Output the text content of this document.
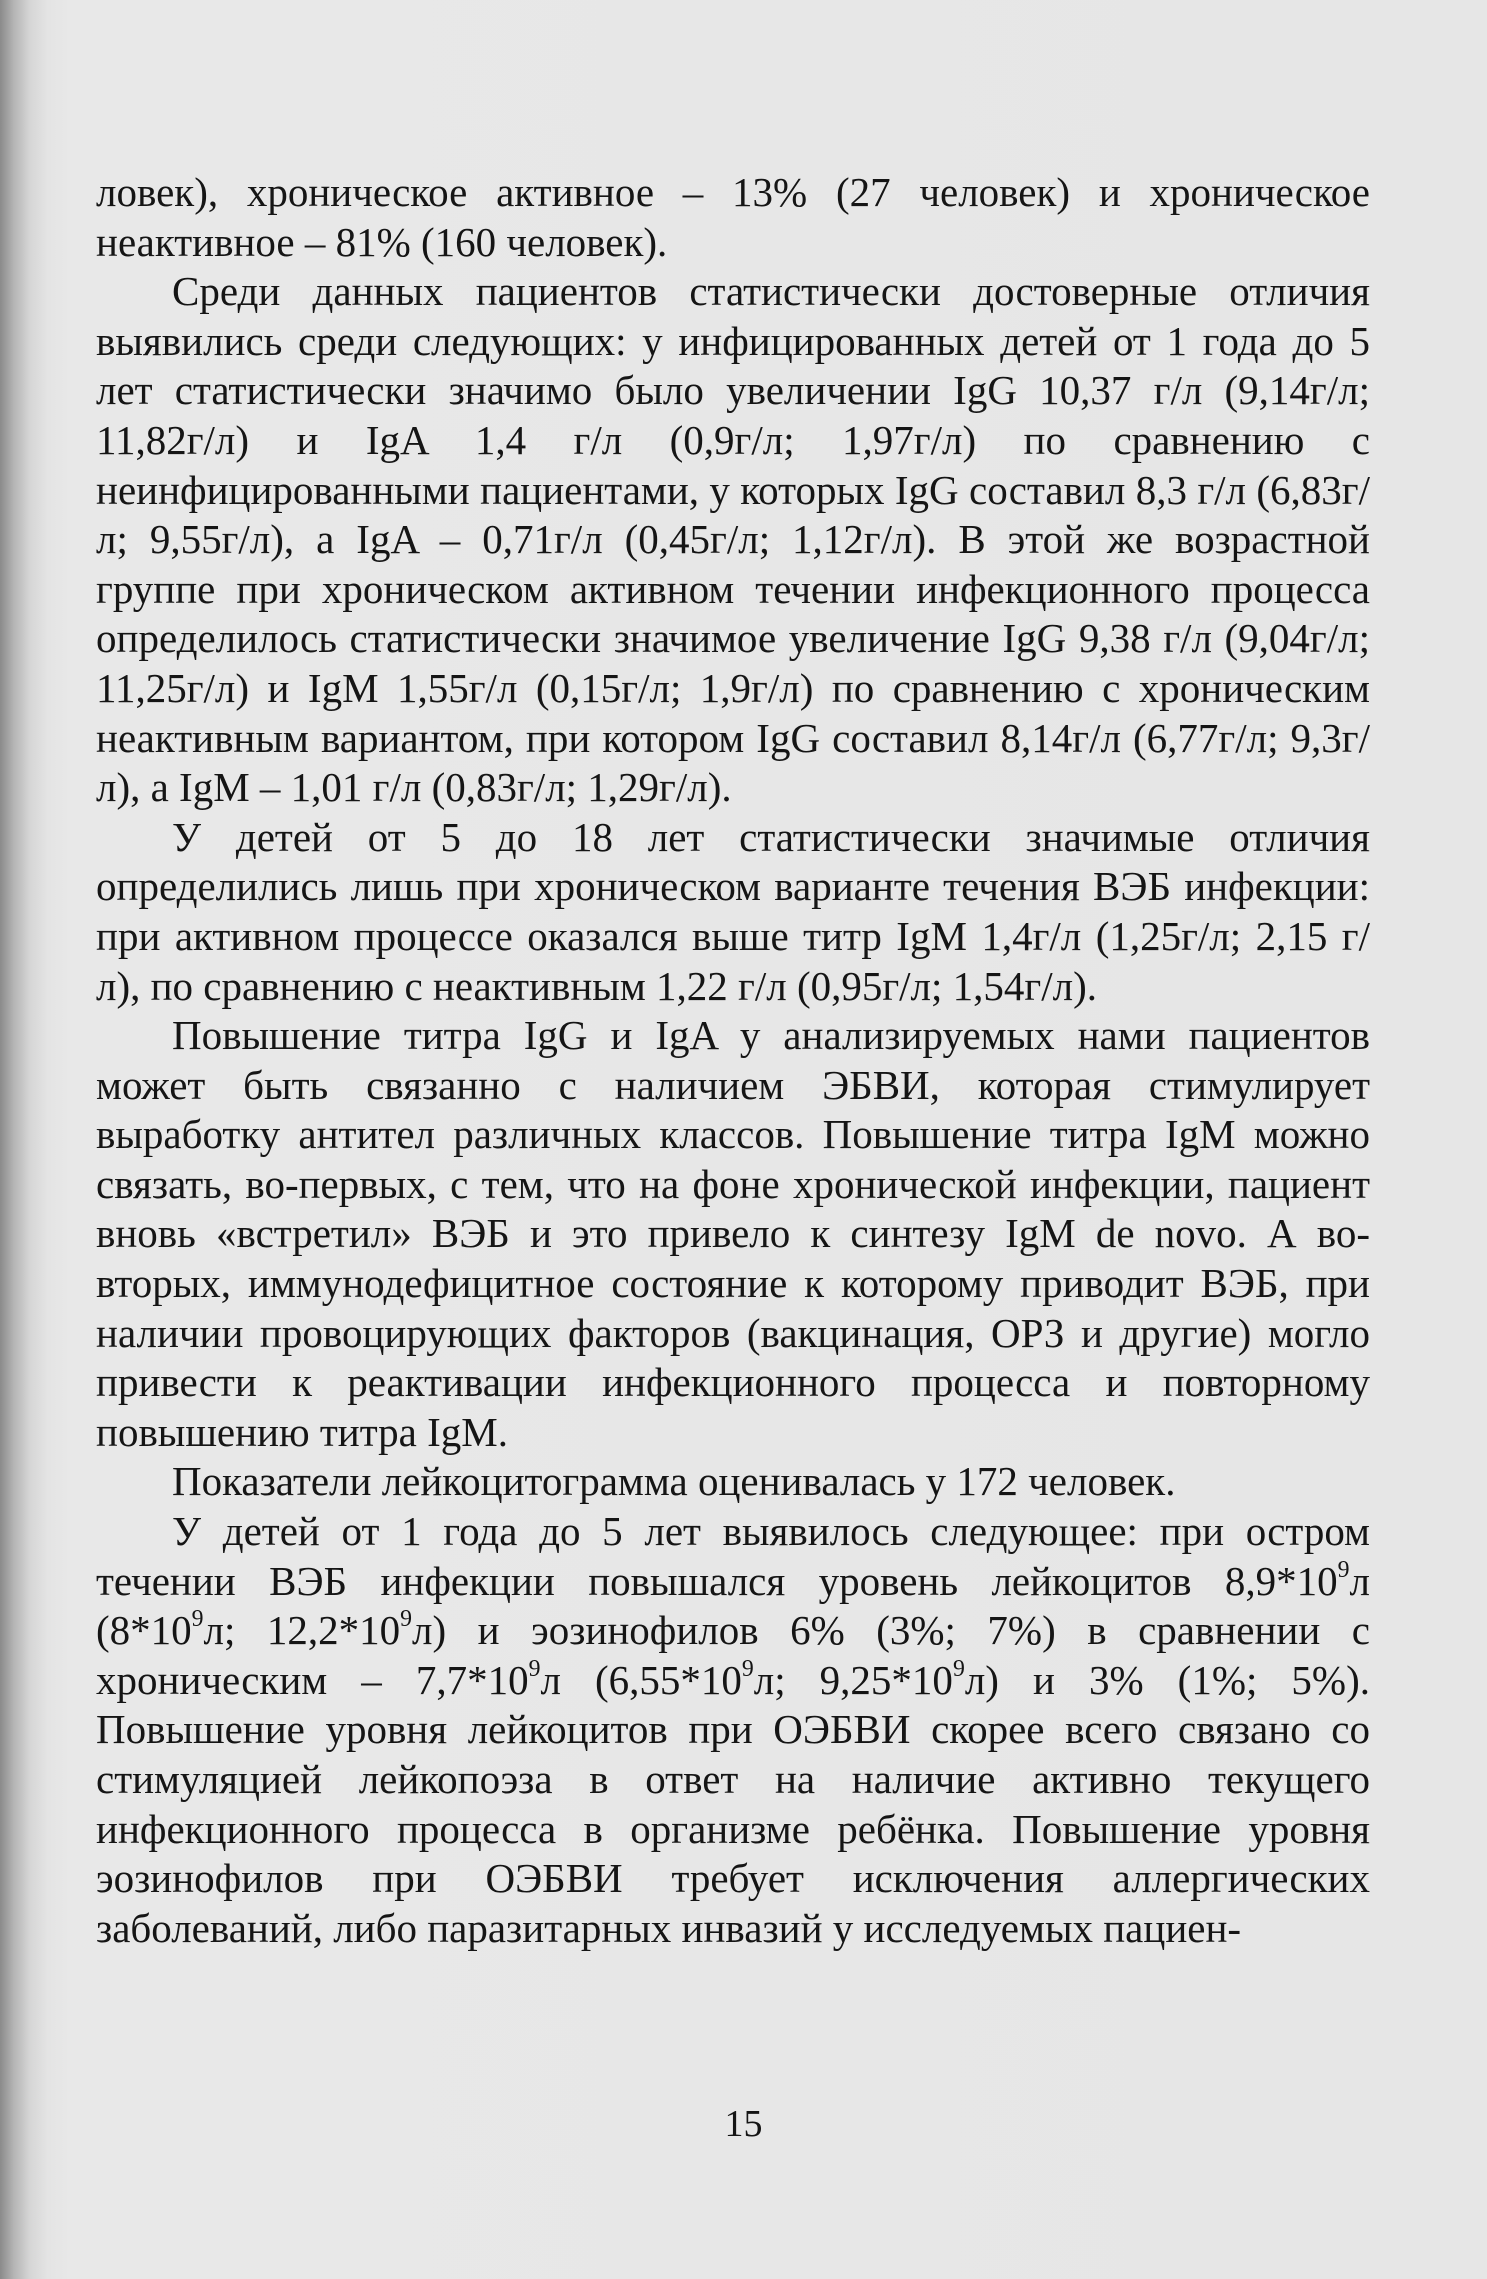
ловек), хроническое активное – 13% (27 человек) и хроническое неактивное – 81% (160 человек).

Среди данных пациентов статистически достоверные отличия выявились среди следующих: у инфицированных детей от 1 года до 5 лет статистически значимо было увеличении IgG 10,37 г/л (9,14г/л; 11,82г/л) и IgA 1,4 г/л (0,9г/л; 1,97г/л) по сравнению с неинфицированными пациентами, у которых IgG составил 8,3 г/л (6,83г/л; 9,55г/л), а IgA – 0,71г/л (0,45г/л; 1,12г/л). В этой же возрастной группе при хроническом активном течении инфекционного процесса определилось статистически значимое увеличение IgG 9,38 г/л (9,04г/л; 11,25г/л) и IgM 1,55г/л (0,15г/л; 1,9г/л) по сравнению с хроническим неактивным вариантом, при котором IgG составил 8,14г/л (6,77г/л; 9,3г/л), а IgM – 1,01 г/л (0,83г/л; 1,29г/л).

У детей от 5 до 18 лет статистически значимые отличия определились лишь при хроническом варианте течения ВЭБ инфекции: при активном процессе оказался выше титр IgM 1,4г/л (1,25г/л; 2,15 г/л), по сравнению с неактивным 1,22 г/л (0,95г/л; 1,54г/л).

Повышение титра IgG и IgA у анализируемых нами пациентов может быть связанно с наличием ЭБВИ, которая стимулирует выработку антител различных классов. Повышение титра IgM можно связать, во-первых, с тем, что на фоне хронической инфекции, пациент вновь «встретил» ВЭБ и это привело к синтезу IgM de novo. А во-вторых, иммунодефицитное состояние к которому приводит ВЭБ, при наличии провоцирующих факторов (вакцинация, ОРЗ и другие) могло привести к реактивации инфекционного процесса и повторному повышению титра IgM.

Показатели лейкоцитограмма оценивалась у 172 человек.

У детей от 1 года до 5 лет выявилось следующее: при остром течении ВЭБ инфекции повышался уровень лейкоцитов $8,9*10^9л$ ($8*10^9л$; $12,2*10^9л$) и эозинофилов 6% (3%; 7%) в сравнении с хроническим – $7,7*10^9л$ ($6,55*10^9л$; $9,25*10^9л$) и 3% (1%; 5%). Повышение уровня лейкоцитов при ОЭБВИ скорее всего связано со стимуляцией лейкопоэза в ответ на наличие активно текущего инфекционного процесса в организме ребёнка. Повышение уровня эозинофилов при ОЭБВИ требует исключения аллергических заболеваний, либо паразитарных инвазий у исследуемых пациен-

15
